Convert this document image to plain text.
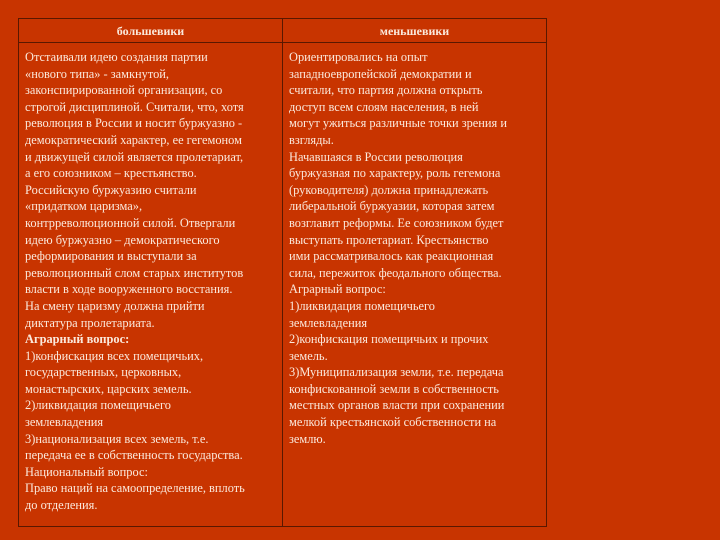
большевики	меньшевики
Отстаивали идею создания партии
«нового типа» - замкнутой,
законспирированной организации, со
строгой дисциплиной. Считали, что, хотя
революция в России и носит буржуазно -
демократический характер, ее гегемоном
и движущей силой является пролетариат,
а его союзником – крестьянство.
Российскую буржуазию считали
«придатком царизма»,
контрреволюционной силой. Отвергали
идею буржуазно – демократического
реформирования и выступали за
революционный слом старых институтов
власти в ходе вооруженного восстания.
На смену царизму должна прийти
диктатура пролетариата.
Аграрный вопрос:
1)конфискация всех помещичьих,
государственных, церковных,
монастырских, царских земель.
2)ликвидация помещичьего
землевладения
3)национализация всех земель, т.е.
передача ее в собственность государства.
Национальный вопрос:
Право наций на самоопределение, вплоть
до отделения.
Ориентировались на опыт
западноевропейской демократии и
считали, что партия должна открыть
доступ всем слоям населения, в ней
могут ужиться различные точки зрения и
взгляды.
Начавшаяся в России революция
буржуазная по характеру, роль гегемона
(руководителя) должна принадлежать
либеральной буржуазии, которая затем
возглавит реформы. Ее союзником будет
выступать пролетариат. Крестьянство
ими рассматривалось как реакционная
сила, пережиток феодального общества.
Аграрный вопрос:
1)ликвидация помещичьего
землевладения
2)конфискация помещичьих и прочих
земель.
3)Муниципализация земли, т.е. передача
конфискованной земли в собственность
местных органов власти при сохранении
мелкой крестьянской собственности на
землю.
